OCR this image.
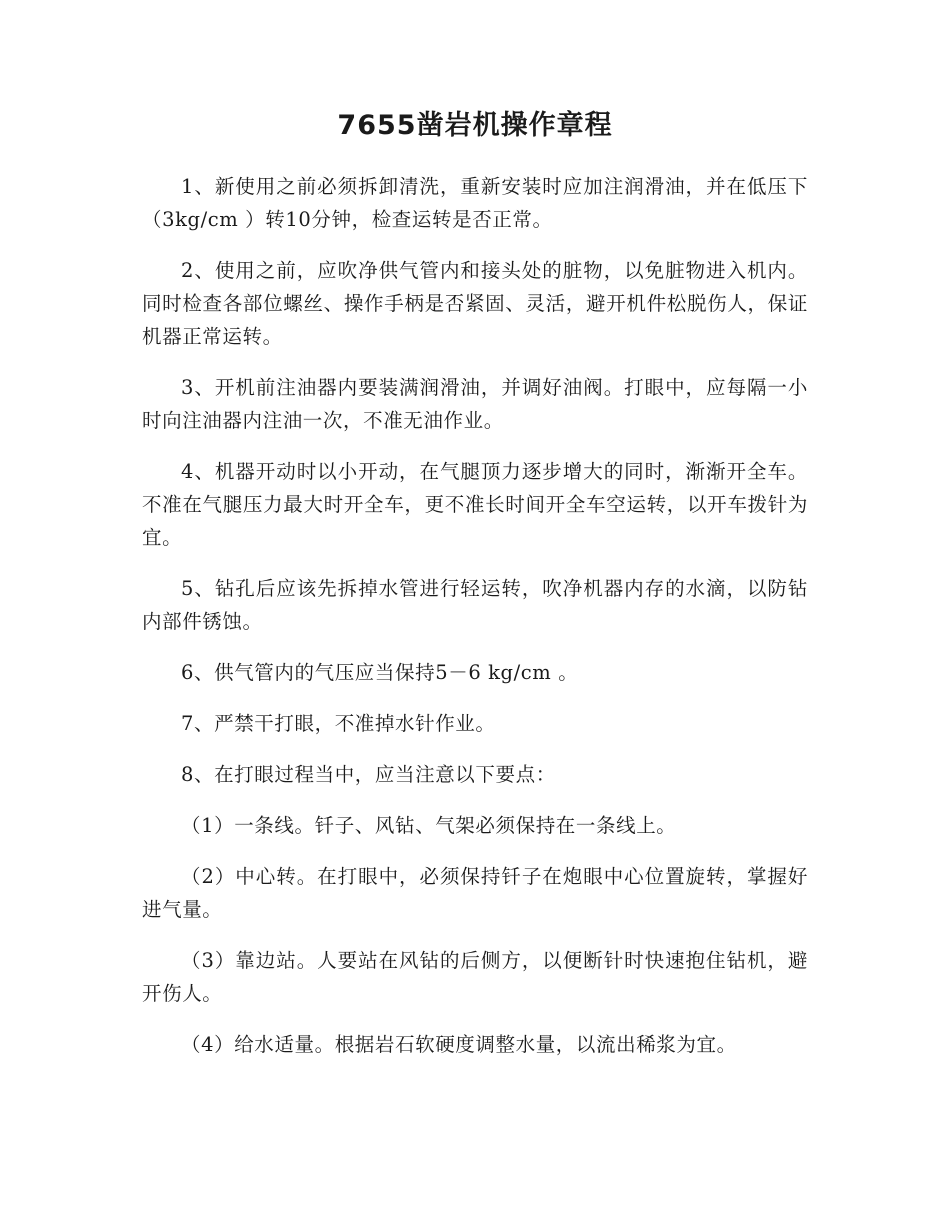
7655凿岩机操作章程

1、新使用之前必须拆卸清洗，重新安装时应加注润滑油，并在低压下（3kg/cm ）转10分钟，检查运转是否正常。

2、使用之前，应吹净供气管内和接头处的脏物，以免脏物进入机内。同时检查各部位螺丝、操作手柄是否紧固、灵活，避开机件松脱伤人，保证机器正常运转。

3、开机前注油器内要装满润滑油，并调好油阀。打眼中，应每隔一小时向注油器内注油一次，不准无油作业。

4、机器开动时以小开动，在气腿顶力逐步增大的同时，渐渐开全车。不准在气腿压力最大时开全车，更不准长时间开全车空运转，以开车拨针为宜。

5、钻孔后应该先拆掉水管进行轻运转，吹净机器内存的水滴，以防钻内部件锈蚀。

6、供气管内的气压应当保持5－6 kg/cm 。

7、严禁干打眼，不准掉水针作业。

8、在打眼过程当中，应当注意以下要点：

（1）一条线。钎子、风钻、气架必须保持在一条线上。

（2）中心转。在打眼中，必须保持钎子在炮眼中心位置旋转，掌握好进气量。

（3）靠边站。人要站在风钻的后侧方，以便断针时快速抱住钻机，避开伤人。

（4）给水适量。根据岩石软硬度调整水量，以流出稀浆为宜。
